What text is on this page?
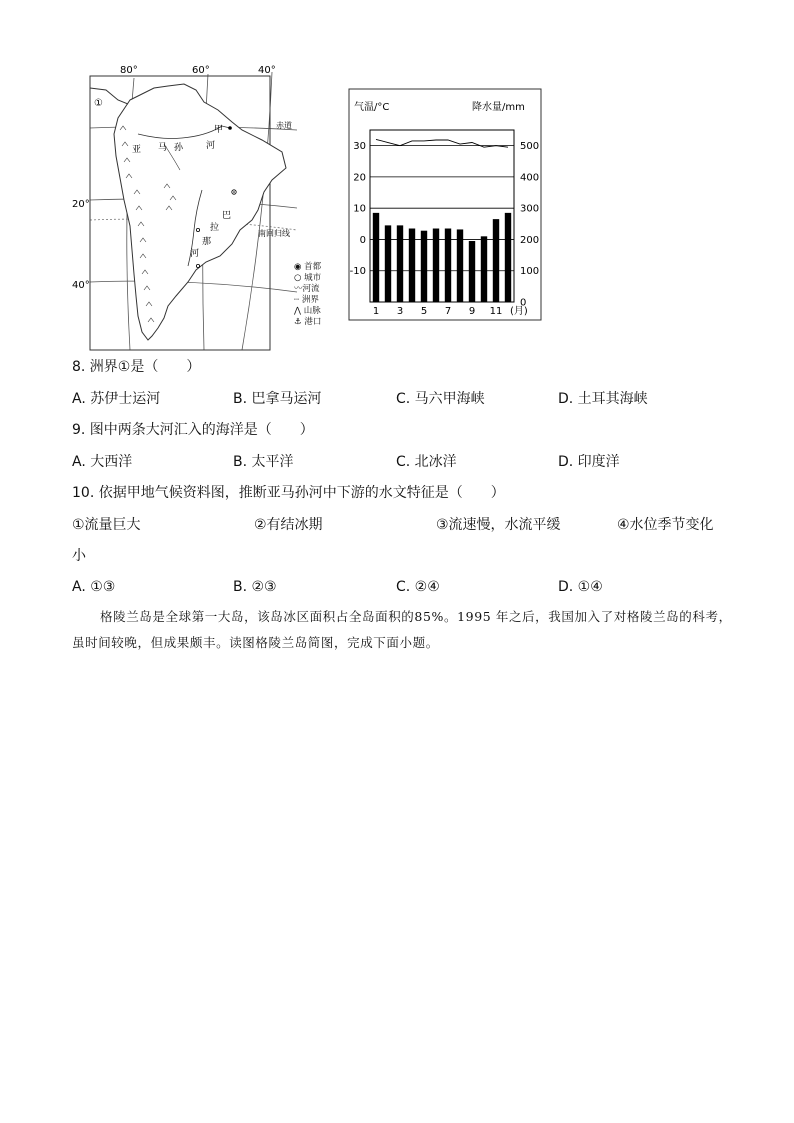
80°	60°	40°
20°
40°
①
甲	赤道
南回归线
亚 马 孙	河
巴
拉
那
河
◉ 首都
○ 城市
〰河流
┈ 洲界
⋀ 山脉
⚓ 港口
气温/°C	降水量/mm
30
20
10
0
-10
500
400
300
200
100
0
1 3 5 7 9 11 (月)
8. 洲界①是（　　）
A. 苏伊士运河	B. 巴拿马运河	C. 马六甲海峡	D. 土耳其海峡
9. 图中两条大河汇入的海洋是（　　）
A. 大西洋	B. 太平洋	C. 北冰洋	D. 印度洋
10. 依据甲地气候资料图，推断亚马孙河中下游的水文特征是（　　）
①流量巨大	②有结冰期	③流速慢，水流平缓	④水位季节变化
小
A. ①③	B. ②③	C. ②④	D. ①④
格陵兰岛是全球第一大岛，该岛冰区面积占全岛面积的85%。1995 年之后，我国加入了对格陵兰岛的科考，虽时间较晚，但成果颇丰。读图格陵兰岛简图，完成下面小题。
